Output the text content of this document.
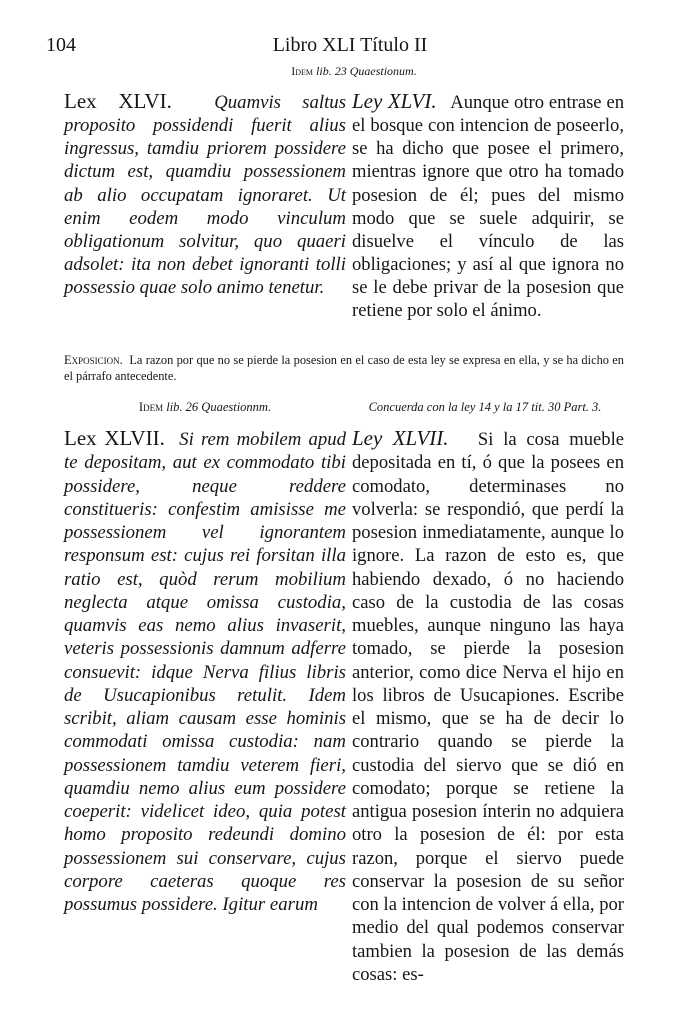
104	Libro XLI Título II
Idem lib. 23 Quaestionum.

Lex XLVI. Quamvis saltus proposito possidendi fuerit alius ingressus, tamdiu priorem possidere dictum est, quamdiu possessionem ab alio occupatam ignoraret. Ut enim eodem modo vinculum obligationum solvitur, quo quaeri adsolet: ita non debet ignoranti tolli possessio quae solo animo tenetur.

Ley XLVI. Aunque otro entrase en el bosque con intencion de poseerlo, se ha dicho que posee el primero, mientras ignore que otro ha tomado posesion de él; pues del mismo modo que se suele adquirir, se disuelve el vínculo de las obligaciones; y así al que ignora no se le debe privar de la posesion que retiene por solo el ánimo.

Exposicion. La razon por que no se pierde la posesion en el caso de esta ley se expresa en ella, y se ha dicho en el párrafo antecedente.
Idem lib. 26 Quaestionnm.	Concuerda con la ley 14 y la 17 tit. 30 Part. 3.

Lex XLVII. Si rem mobilem apud te depositam, aut ex commodato tibi possidere, neque reddere constitueris: confestim amisisse me possessionem vel ignorantem responsum est: cujus rei forsitan illa ratio est, quòd rerum mobilium neglecta atque omissa custodia, quamvis eas nemo alius invaserit, veteris possessionis damnum adferre consuevit: idque Nerva filius libris de Usucapionibus retulit. Idem scribit, aliam causam esse hominis commodati omissa custodia: nam possessionem tamdiu veterem fieri, quamdiu nemo alius eum possidere coeperit: videlicet ideo, quia potest homo proposito redeundi domino possessionem sui conservare, cujus corpore caeteras quoque res possumus possidere. Igitur earum

Ley XLVII. Si la cosa mueble depositada en tí, ó que la posees en comodato, determinases no volverla: se respondió, que perdí la posesion inmediatamente, aunque lo ignore. La razon de esto es, que habiendo dexado, ó no haciendo caso de la custodia de las cosas muebles, aunque ninguno las haya tomado, se pierde la posesion anterior, como dice Nerva el hijo en los libros de Usucapiones. Escribe el mismo, que se ha de decir lo contrario quando se pierde la custodia del siervo que se dió en comodato; porque se retiene la antigua posesion ínterin no adquiera otro la posesion de él: por esta razon, porque el siervo puede conservar la posesion de su señor con la intencion de volver á ella, por medio del qual podemos conservar tambien la posesion de las demás cosas: es-
